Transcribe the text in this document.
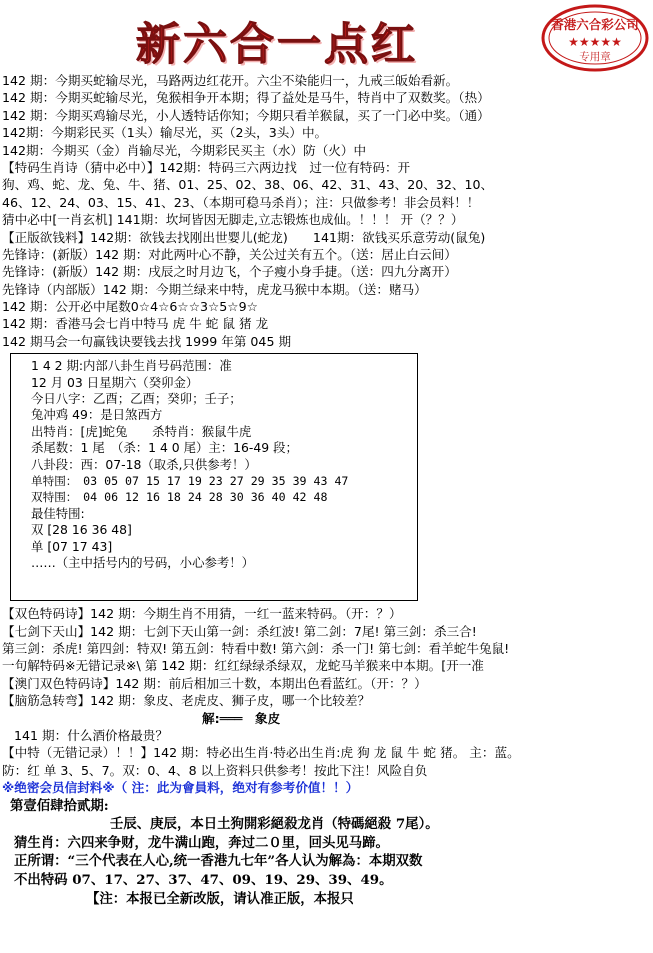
新六合一点红	香港六合彩公司
★★★★★
专用章
142 期：今期买蛇输尽光，马路两边红花开。六尘不染能归一，九戒三皈始看新。
142 期：今期买蛇输尽光，兔猴相争开本期；得了益处是马牛，特肖中了双数奖。（热）
142 期：今期买鸡输尽光，小人透特话你知；今期只看羊猴鼠，买了一门必中奖。（通）
142期：今期彩民买（1头）输尽光，买（2头，3头）中。
142期：今期买（金）肖输尽光，今期彩民买主（水）防（火）中
【特码生肖诗（猜中必中）】142期：特码三六两边找　过一位有特码：开
狗、鸡、蛇、龙、兔、牛、猪、01、25、02、38、06、42、31、43、20、32、10、
46、12、24、03、15、41、23、（本期可稳马杀肖）；注：只做参考！非会员料！！
猜中必中[一肖玄机] 141期：坎坷皆因无脚走,立志锻炼也成仙。！！！ 开（？？）
【正版欲钱料】142期：欲钱去找刚出世婴儿(蛇龙)　　141期：欲钱买乐意劳动(鼠兔)
先锋诗：(新版）142 期：对此两叶心不静，关公过关有五个。（送：居止白云间）
先锋诗：(新版）142 期：戌辰之时月边飞，个子瘦小身手捷。（送：四九分离开）
先锋诗（内部版）142 期：今期兰绿来中特，虎龙马猴中本期。（送：赌马）
142 期：公开必中尾数0☆4☆6☆☆3☆5☆9☆
142 期：香港马会七肖中特马 虎 牛 蛇 鼠 猪 龙
142 期马会一句赢钱诀要钱去找 1999 年第 045 期
1 4 2 期:内部八卦生肖号码范围：准
12 月 03 日星期六（癸卯金）
今日八字：乙酉；乙酉；癸卯；壬子；
兔冲鸡 49：是日煞西方
出特肖：[虎]蛇兔　　杀特肖：猴鼠牛虎
杀尾数：1 尾　（杀：1 4 0 尾）主：16-49 段；
八卦段：西：07-18（取杀,只供参考！）
单特围：　03 05 07 15 17 19 23 27 29 35 39 43 47
双特围：　04 06 12 16 18 24 28 30 36 40 42 48
最佳特围:
双 [28 16 36 48]
单 [07 17 43]
……（主中括号内的号码，小心参考！）
【双色特码诗】142 期：今期生肖不用猜，一红一蓝来特码。（开：？）
【七剑下天山】142 期：七剑下天山第一剑：杀红波! 第二剑：7尾! 第三剑：杀三合!
第三剑：杀虎! 第四剑：特双! 第五剑：特看中数! 第六剑：杀一门! 第七剑：看羊蛇牛兔鼠!
一句解特码※无错记录※\ 第 142 期：红红绿绿杀绿双，龙蛇马羊猴来中本期。[开一准
【澳门双色特码诗】142 期：前后相加三十数，本期出色看蓝红。（开：？）
【脑筋急转弯】142 期：象皮、老虎皮、狮子皮，哪一个比较差？
解:═══　象皮
141 期：什么酒价格最贵？
【中特（无错记录）！！】142 期：特必出生肖·特必出生肖:虎 狗 龙 鼠 牛 蛇 猪。 主：蓝。
防：红 单 3、5、7。双：0、4、8 以上资料只供参考！按此下注！风险自负
※绝密会员信封料※（ 注：此为會員料，绝对有参考价值！！）
第壹佰肆拾贰期:
壬辰、庚辰，本日土狗開彩絕殺龙肖（特碼絕殺 7尾）。
猜生肖：六四来争财，龙牛满山跑，奔过二０里，回头见马蹄。
正所谓：“三个代表在人心,统一香港九七年”各人认为解為：本期双数
不出特码 07、17、27、37、47、09、19、29、39、49。
【注：本报已全新改版，请认准正版，本报只
